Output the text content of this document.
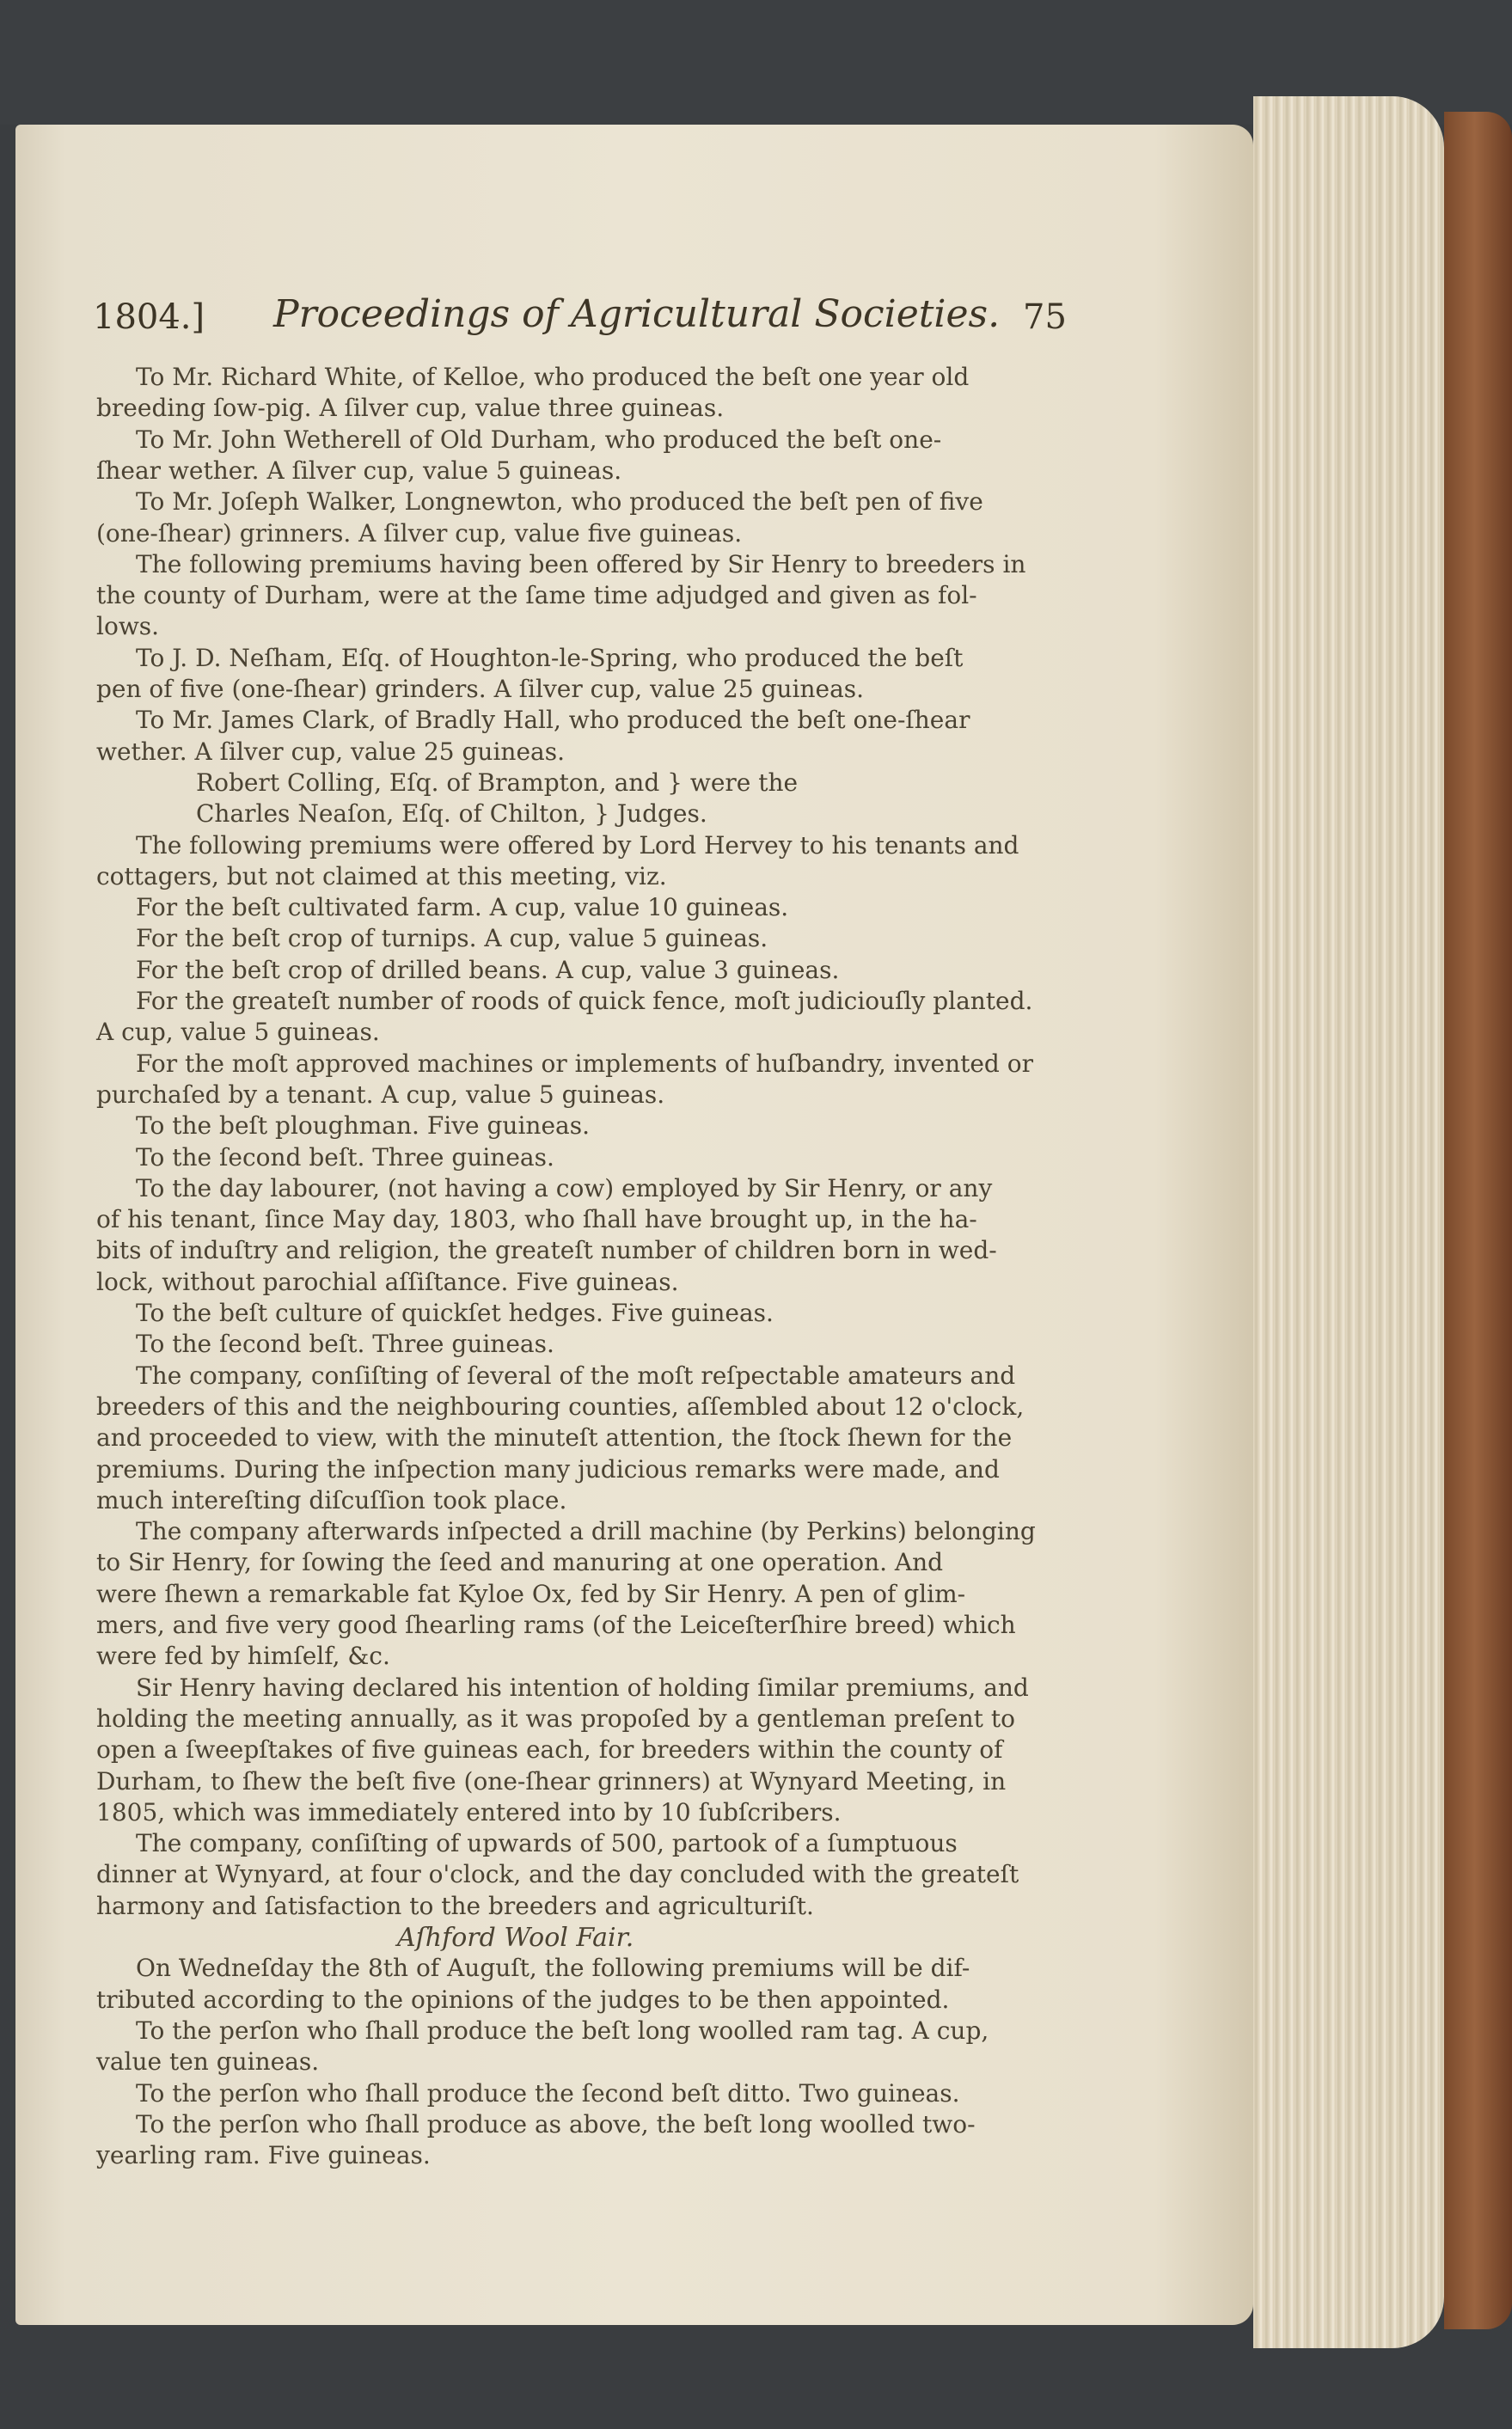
1804.] Proceedings of Agricultural Societies. 75
To Mr. Richard White, of Kelloe, who produced the beſt one year old
breeding ſow-pig. A ſilver cup, value three guineas.
To Mr. John Wetherell of Old Durham, who produced the beſt one-
ſhear wether. A ſilver cup, value 5 guineas.
To Mr. Joſeph Walker, Longnewton, who produced the beſt pen of five
(one-ſhear) grinners. A ſilver cup, value five guineas.
The following premiums having been offered by Sir Henry to breeders in
the county of Durham, were at the ſame time adjudged and given as fol-
lows.
To J. D. Neſham, Eſq. of Houghton-le-Spring, who produced the beſt
pen of five (one-ſhear) grinders. A ſilver cup, value 25 guineas.
To Mr. James Clark, of Bradly Hall, who produced the beſt one-ſhear
wether. A ſilver cup, value 25 guineas.
Robert Colling, Eſq. of Brampton, and } were the
Charles Neaſon, Eſq. of Chilton, } Judges.
The following premiums were offered by Lord Hervey to his tenants and
cottagers, but not claimed at this meeting, viz.
For the beſt cultivated farm. A cup, value 10 guineas.
For the beſt crop of turnips. A cup, value 5 guineas.
For the beſt crop of drilled beans. A cup, value 3 guineas.
For the greateſt number of roods of quick fence, moſt judiciouſly planted.
A cup, value 5 guineas.
For the moſt approved machines or implements of huſbandry, invented or
purchaſed by a tenant. A cup, value 5 guineas.
To the beſt ploughman. Five guineas.
To the ſecond beſt. Three guineas.
To the day labourer, (not having a cow) employed by Sir Henry, or any
of his tenant, ſince May day, 1803, who ſhall have brought up, in the ha-
bits of induſtry and religion, the greateſt number of children born in wed-
lock, without parochial aſſiſtance. Five guineas.
To the beſt culture of quickſet hedges. Five guineas.
To the ſecond beſt. Three guineas.
The company, conſiſting of ſeveral of the moſt reſpectable amateurs and
breeders of this and the neighbouring counties, aſſembled about 12 o'clock,
and proceeded to view, with the minuteſt attention, the ſtock ſhewn for the
premiums. During the inſpection many judicious remarks were made, and
much intereſting diſcuſſion took place.
The company afterwards inſpected a drill machine (by Perkins) belonging
to Sir Henry, for ſowing the ſeed and manuring at one operation. And
were ſhewn a remarkable fat Kyloe Ox, fed by Sir Henry. A pen of glim-
mers, and five very good ſhearling rams (of the Leiceſterſhire breed) which
were fed by himſelf, &c.
Sir Henry having declared his intention of holding ſimilar premiums, and
holding the meeting annually, as it was propoſed by a gentleman preſent to
open a ſweepſtakes of five guineas each, for breeders within the county of
Durham, to ſhew the beſt five (one-ſhear grinners) at Wynyard Meeting, in
1805, which was immediately entered into by 10 ſubſcribers.
The company, conſiſting of upwards of 500, partook of a ſumptuous
dinner at Wynyard, at four o'clock, and the day concluded with the greateſt
harmony and ſatisfaction to the breeders and agriculturiſt.
Aſhford Wool Fair.
On Wedneſday the 8th of Auguſt, the following premiums will be dif-
tributed according to the opinions of the judges to be then appointed.
To the perſon who ſhall produce the beſt long woolled ram tag. A cup,
value ten guineas.
To the perſon who ſhall produce the ſecond beſt ditto. Two guineas.
To the perſon who ſhall produce as above, the beſt long woolled two-
yearling ram. Five guineas.
